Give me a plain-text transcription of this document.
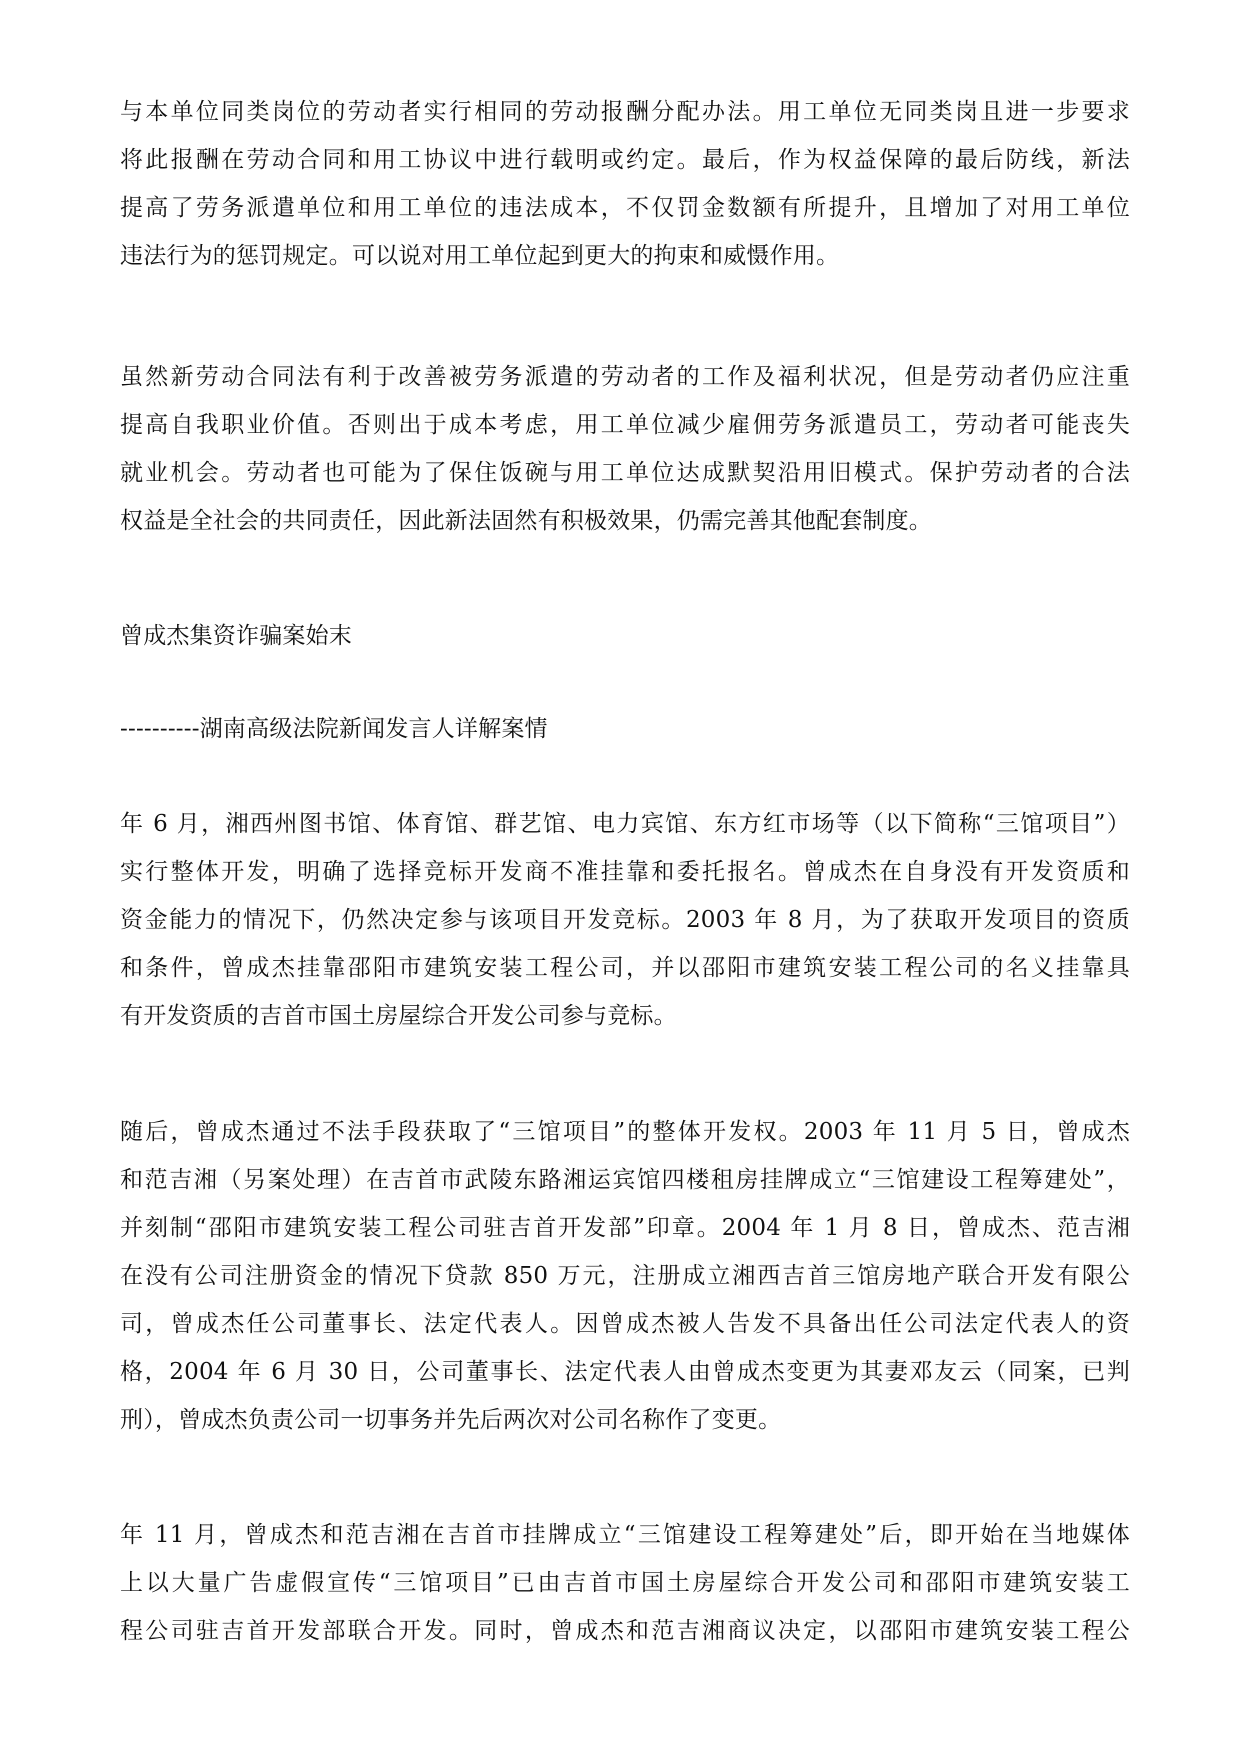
与本单位同类岗位的劳动者实行相同的劳动报酬分配办法。用工单位无同类岗且进一步要求
将此报酬在劳动合同和用工协议中进行载明或约定。最后，作为权益保障的最后防线，新法
提高了劳务派遣单位和用工单位的违法成本，不仅罚金数额有所提升，且增加了对用工单位
违法行为的惩罚规定。可以说对用工单位起到更大的拘束和威慑作用。
虽然新劳动合同法有利于改善被劳务派遣的劳动者的工作及福利状况，但是劳动者仍应注重
提高自我职业价值。否则出于成本考虑，用工单位减少雇佣劳务派遣员工，劳动者可能丧失
就业机会。劳动者也可能为了保住饭碗与用工单位达成默契沿用旧模式。保护劳动者的合法
权益是全社会的共同责任，因此新法固然有积极效果，仍需完善其他配套制度。
曾成杰集资诈骗案始末
----------湖南高级法院新闻发言人详解案情
年 6 月，湘西州图书馆、体育馆、群艺馆、电力宾馆、东方红市场等（以下简称“三馆项目”）
实行整体开发，明确了选择竞标开发商不准挂靠和委托报名。曾成杰在自身没有开发资质和
资金能力的情况下，仍然决定参与该项目开发竞标。2003 年 8 月，为了获取开发项目的资质
和条件，曾成杰挂靠邵阳市建筑安装工程公司，并以邵阳市建筑安装工程公司的名义挂靠具
有开发资质的吉首市国土房屋综合开发公司参与竞标。
随后，曾成杰通过不法手段获取了“三馆项目”的整体开发权。2003 年 11 月 5 日，曾成杰
和范吉湘（另案处理）在吉首市武陵东路湘运宾馆四楼租房挂牌成立“三馆建设工程筹建处”，
并刻制“邵阳市建筑安装工程公司驻吉首开发部”印章。2004 年 1 月 8 日，曾成杰、范吉湘
在没有公司注册资金的情况下贷款 850 万元，注册成立湘西吉首三馆房地产联合开发有限公
司，曾成杰任公司董事长、法定代表人。因曾成杰被人告发不具备出任公司法定代表人的资
格，2004 年 6 月 30 日，公司董事长、法定代表人由曾成杰变更为其妻邓友云（同案，已判
刑），曾成杰负责公司一切事务并先后两次对公司名称作了变更。
年 11 月，曾成杰和范吉湘在吉首市挂牌成立“三馆建设工程筹建处”后，即开始在当地媒体
上以大量广告虚假宣传“三馆项目”已由吉首市国土房屋综合开发公司和邵阳市建筑安装工
程公司驻吉首开发部联合开发。同时，曾成杰和范吉湘商议决定，以邵阳市建筑安装工程公
